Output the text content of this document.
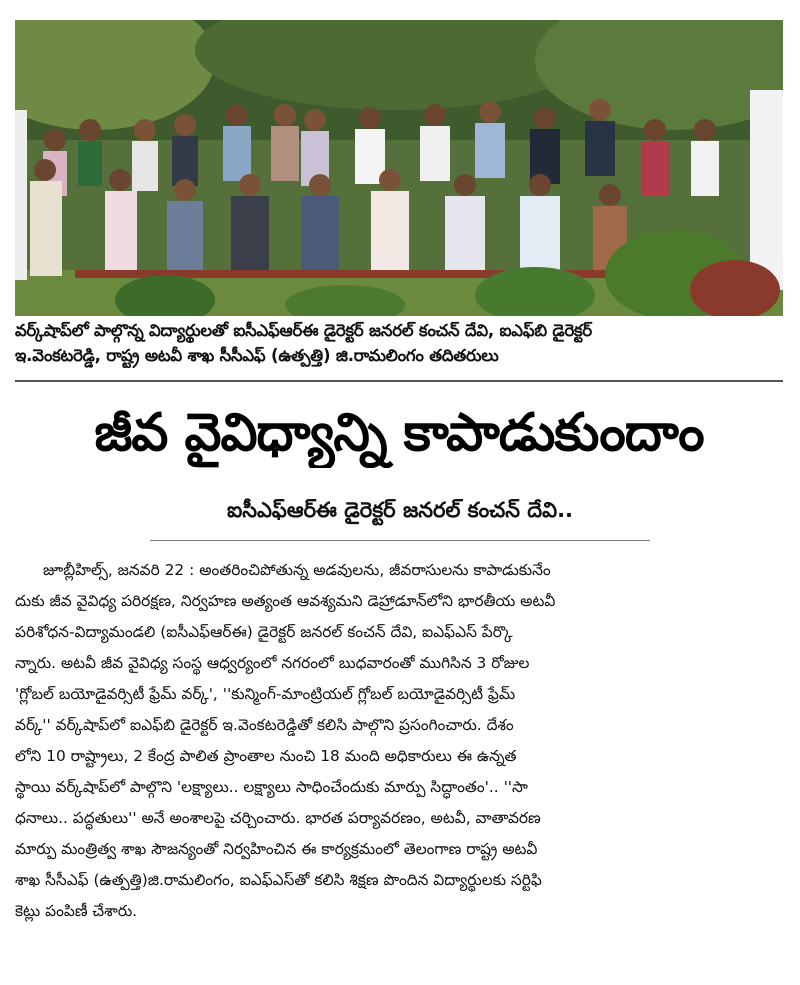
వర్క్‌షాప్‌లో పాల్గొన్న విద్యార్థులతో ఐసీఎఫ్‌ఆర్‌ఈ డైరెక్టర్ జనరల్ కంచన్ దేవి, ఐఎఫ్‌బి డైరెక్టర్
ఇ.వెంకటరెడ్డి, రాష్ట్ర అటవీ శాఖ సీసీఎఫ్ (ఉత్పత్తి) జి.రామలింగం తదితరులు
జీవ వైవిధ్యాన్ని కాపాడుకుందాం
ఐసీఎఫ్‌ఆర్‌ఈ డైరెక్టర్ జనరల్ కంచన్ దేవి..
జూబ్లీహిల్స్, జనవరి 22 : అంతరించిపోతున్న అడవులను, జీవరాసులను కాపాడుకునేం
దుకు జీవ వైవిధ్య పరిరక్షణ, నిర్వహణ అత్యంత ఆవశ్యమని డెహ్రాడూన్‌లోని భారతీయ అటవీ
పరిశోధన-విద్యామండలి (ఐసీఎఫ్‌ఆర్‌ఈ) డైరెక్టర్ జనరల్ కంచన్ దేవి, ఐఎఫ్‌ఎస్ పేర్కొ
న్నారు. అటవీ జీవ వైవిధ్య సంస్థ ఆధ్వర్యంలో నగరంలో బుధవారంతో ముగిసిన 3 రోజుల
'గ్లోబల్ బయోడైవర్సిటీ ఫ్రేమ్ వర్క్', ''కున్మింగ్-మాంట్రియల్ గ్లోబల్ బయోడైవర్సిటీ ఫ్రేమ్
వర్క్'' వర్క్‌షాప్‌లో ఐఎఫ్‌బి డైరెక్టర్ ఇ.వెంకటరెడ్డితో కలిసి పాల్గొని ప్రసంగించారు. దేశం
లోని 10 రాష్ట్రాలు, 2 కేంద్ర పాలిత ప్రాంతాల నుంచి 18 మంది అధికారులు ఈ ఉన్నత
స్థాయి వర్క్‌షాప్‌లో పాల్గొని 'లక్ష్యాలు.. లక్ష్యాలు సాధించేందుకు మార్పు సిద్ధాంతం'.. ''సా
ధనాలు.. పద్ధతులు'' అనే అంశాలపై చర్చించారు. భారత పర్యావరణం, అటవీ, వాతావరణ
మార్పు మంత్రిత్వ శాఖ సౌజన్యంతో నిర్వహించిన ఈ కార్యక్రమంలో తెలంగాణ రాష్ట్ర అటవీ
శాఖ సీసీఎఫ్ (ఉత్పత్తి)జి.రామలింగం, ఐఎఫ్‌ఎస్‌తో కలిసి శిక్షణ పొందిన విద్యార్థులకు సర్టిఫి
కెట్లు పంపిణీ చేశారు.
